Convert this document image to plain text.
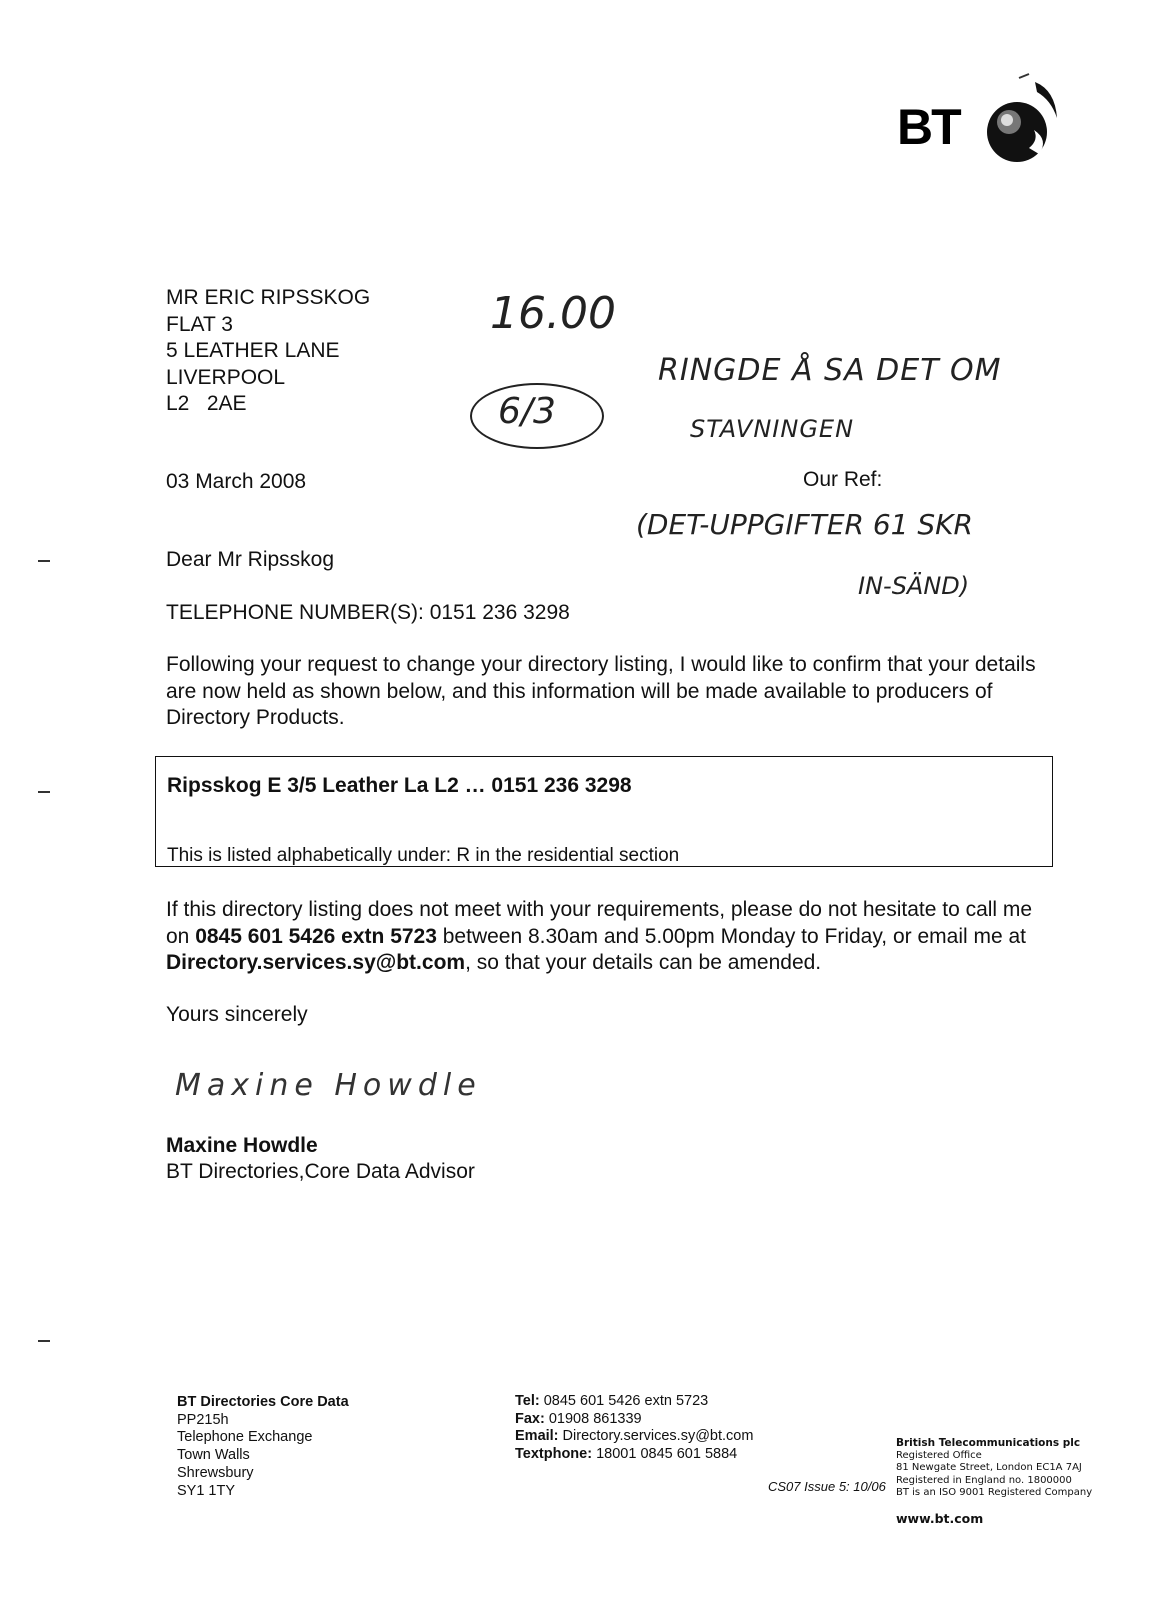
BT
MR ERIC RIPSSKOG
FLAT 3
5 LEATHER LANE
LIVERPOOL
L2   2AE
16.00
6/3
RINGDE Å SA DET OM
STAVNINGEN
(DET-UPPGIFTER 61 SKR
IN-SÄND)
03 March 2008	Our Ref:
Dear Mr Ripsskog
TELEPHONE NUMBER(S): 0151 236 3298
Following your request to change your directory listing, I would like to confirm that your details are now held as shown below, and this information will be made available to producers of Directory Products.
Ripsskog E 3/5 Leather La L2 … 0151 236 3298
This is listed alphabetically under: R in the residential section
If this directory listing does not meet with your requirements, please do not hesitate to call me on 0845 601 5426 extn 5723 between 8.30am and 5.00pm Monday to Friday, or email me at Directory.services.sy@bt.com, so that your details can be amended.
Yours sincerely
Maxine Howdle
Maxine Howdle
BT Directories,Core Data Advisor
BT Directories Core Data
PP215h
Telephone Exchange
Town Walls
Shrewsbury
SY1 1TY
Tel: 0845 601 5426 extn 5723
Fax: 01908 861339
Email: Directory.services.sy@bt.com
Textphone: 18001 0845 601 5884
CS07 Issue 5: 10/06
British Telecommunications plc
Registered Office
81 Newgate Street, London EC1A 7AJ
Registered in England no. 1800000
BT is an ISO 9001 Registered Company
www.bt.com
